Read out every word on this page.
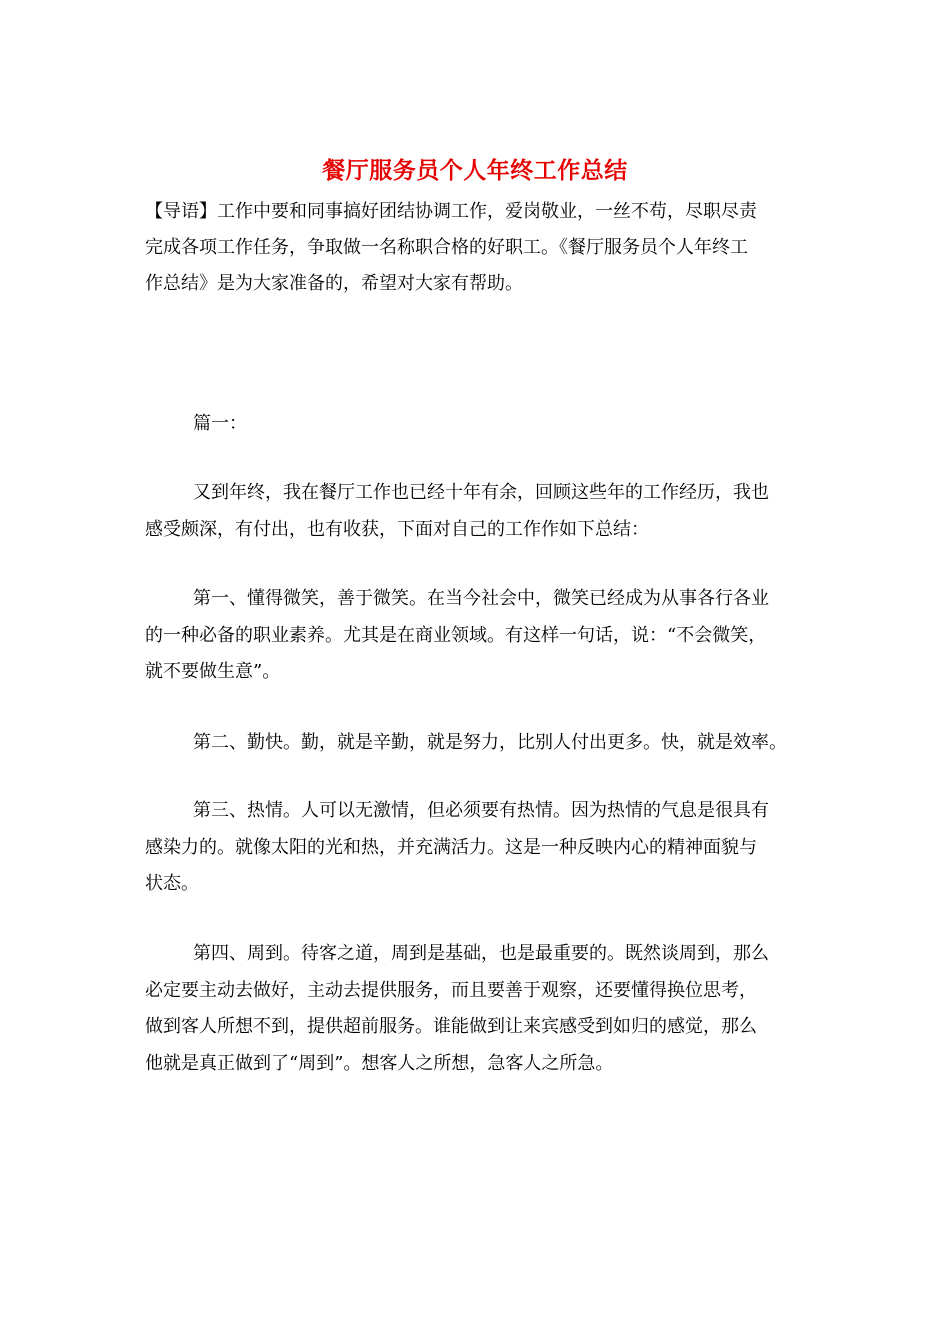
餐厅服务员个人年终工作总结
【导语】工作中要和同事搞好团结协调工作，爱岗敬业，一丝不苟，尽职尽责
完成各项工作任务，争取做一名称职合格的好职工。《餐厅服务员个人年终工
作总结》是为大家准备的，希望对大家有帮助。
篇一：
又到年终，我在餐厅工作也已经十年有余，回顾这些年的工作经历，我也
感受颇深，有付出，也有收获，下面对自己的工作作如下总结：
第一、懂得微笑，善于微笑。在当今社会中，微笑已经成为从事各行各业
的一种必备的职业素养。尤其是在商业领域。有这样一句话，说：“不会微笑，
就不要做生意”。
第二、勤快。勤，就是辛勤，就是努力，比别人付出更多。快，就是效率。
第三、热情。人可以无激情，但必须要有热情。因为热情的气息是很具有
感染力的。就像太阳的光和热，并充满活力。这是一种反映内心的精神面貌与
状态。
第四、周到。待客之道，周到是基础，也是最重要的。既然谈周到，那么
必定要主动去做好，主动去提供服务，而且要善于观察，还要懂得换位思考，
做到客人所想不到，提供超前服务。谁能做到让来宾感受到如归的感觉，那么
他就是真正做到了“周到”。想客人之所想，急客人之所急。
